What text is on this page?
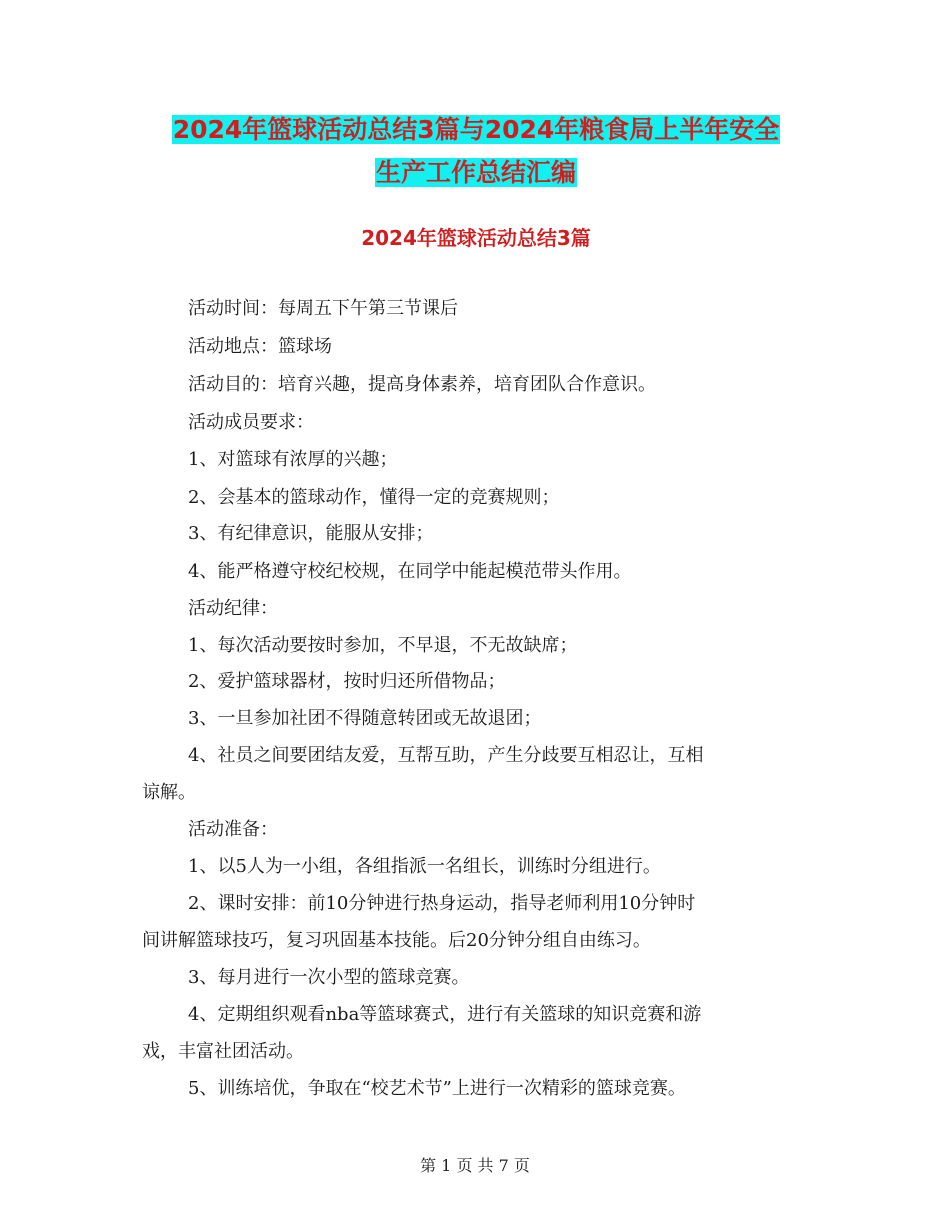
2024年篮球活动总结3篇与2024年粮食局上半年安全
生产工作总结汇编
2024年篮球活动总结3篇
活动时间：每周五下午第三节课后
活动地点：篮球场
活动目的：培育兴趣，提高身体素养，培育团队合作意识。
活动成员要求：
1、对篮球有浓厚的兴趣；
2、会基本的篮球动作，懂得一定的竞赛规则；
3、有纪律意识，能服从安排；
4、能严格遵守校纪校规，在同学中能起模范带头作用。
活动纪律：
1、每次活动要按时参加，不早退，不无故缺席；
2、爱护篮球器材，按时归还所借物品；
3、一旦参加社团不得随意转团或无故退团；
4、社员之间要团结友爱，互帮互助，产生分歧要互相忍让，互相
谅解。
活动准备：
1、以5人为一小组，各组指派一名组长，训练时分组进行。
2、课时安排：前10分钟进行热身运动，指导老师利用10分钟时
间讲解篮球技巧，复习巩固基本技能。后20分钟分组自由练习。
3、每月进行一次小型的篮球竞赛。
4、定期组织观看nba等篮球赛式，进行有关篮球的知识竞赛和游
戏，丰富社团活动。
5、训练培优，争取在“校艺术节”上进行一次精彩的篮球竞赛。
第 1 页 共 7 页
